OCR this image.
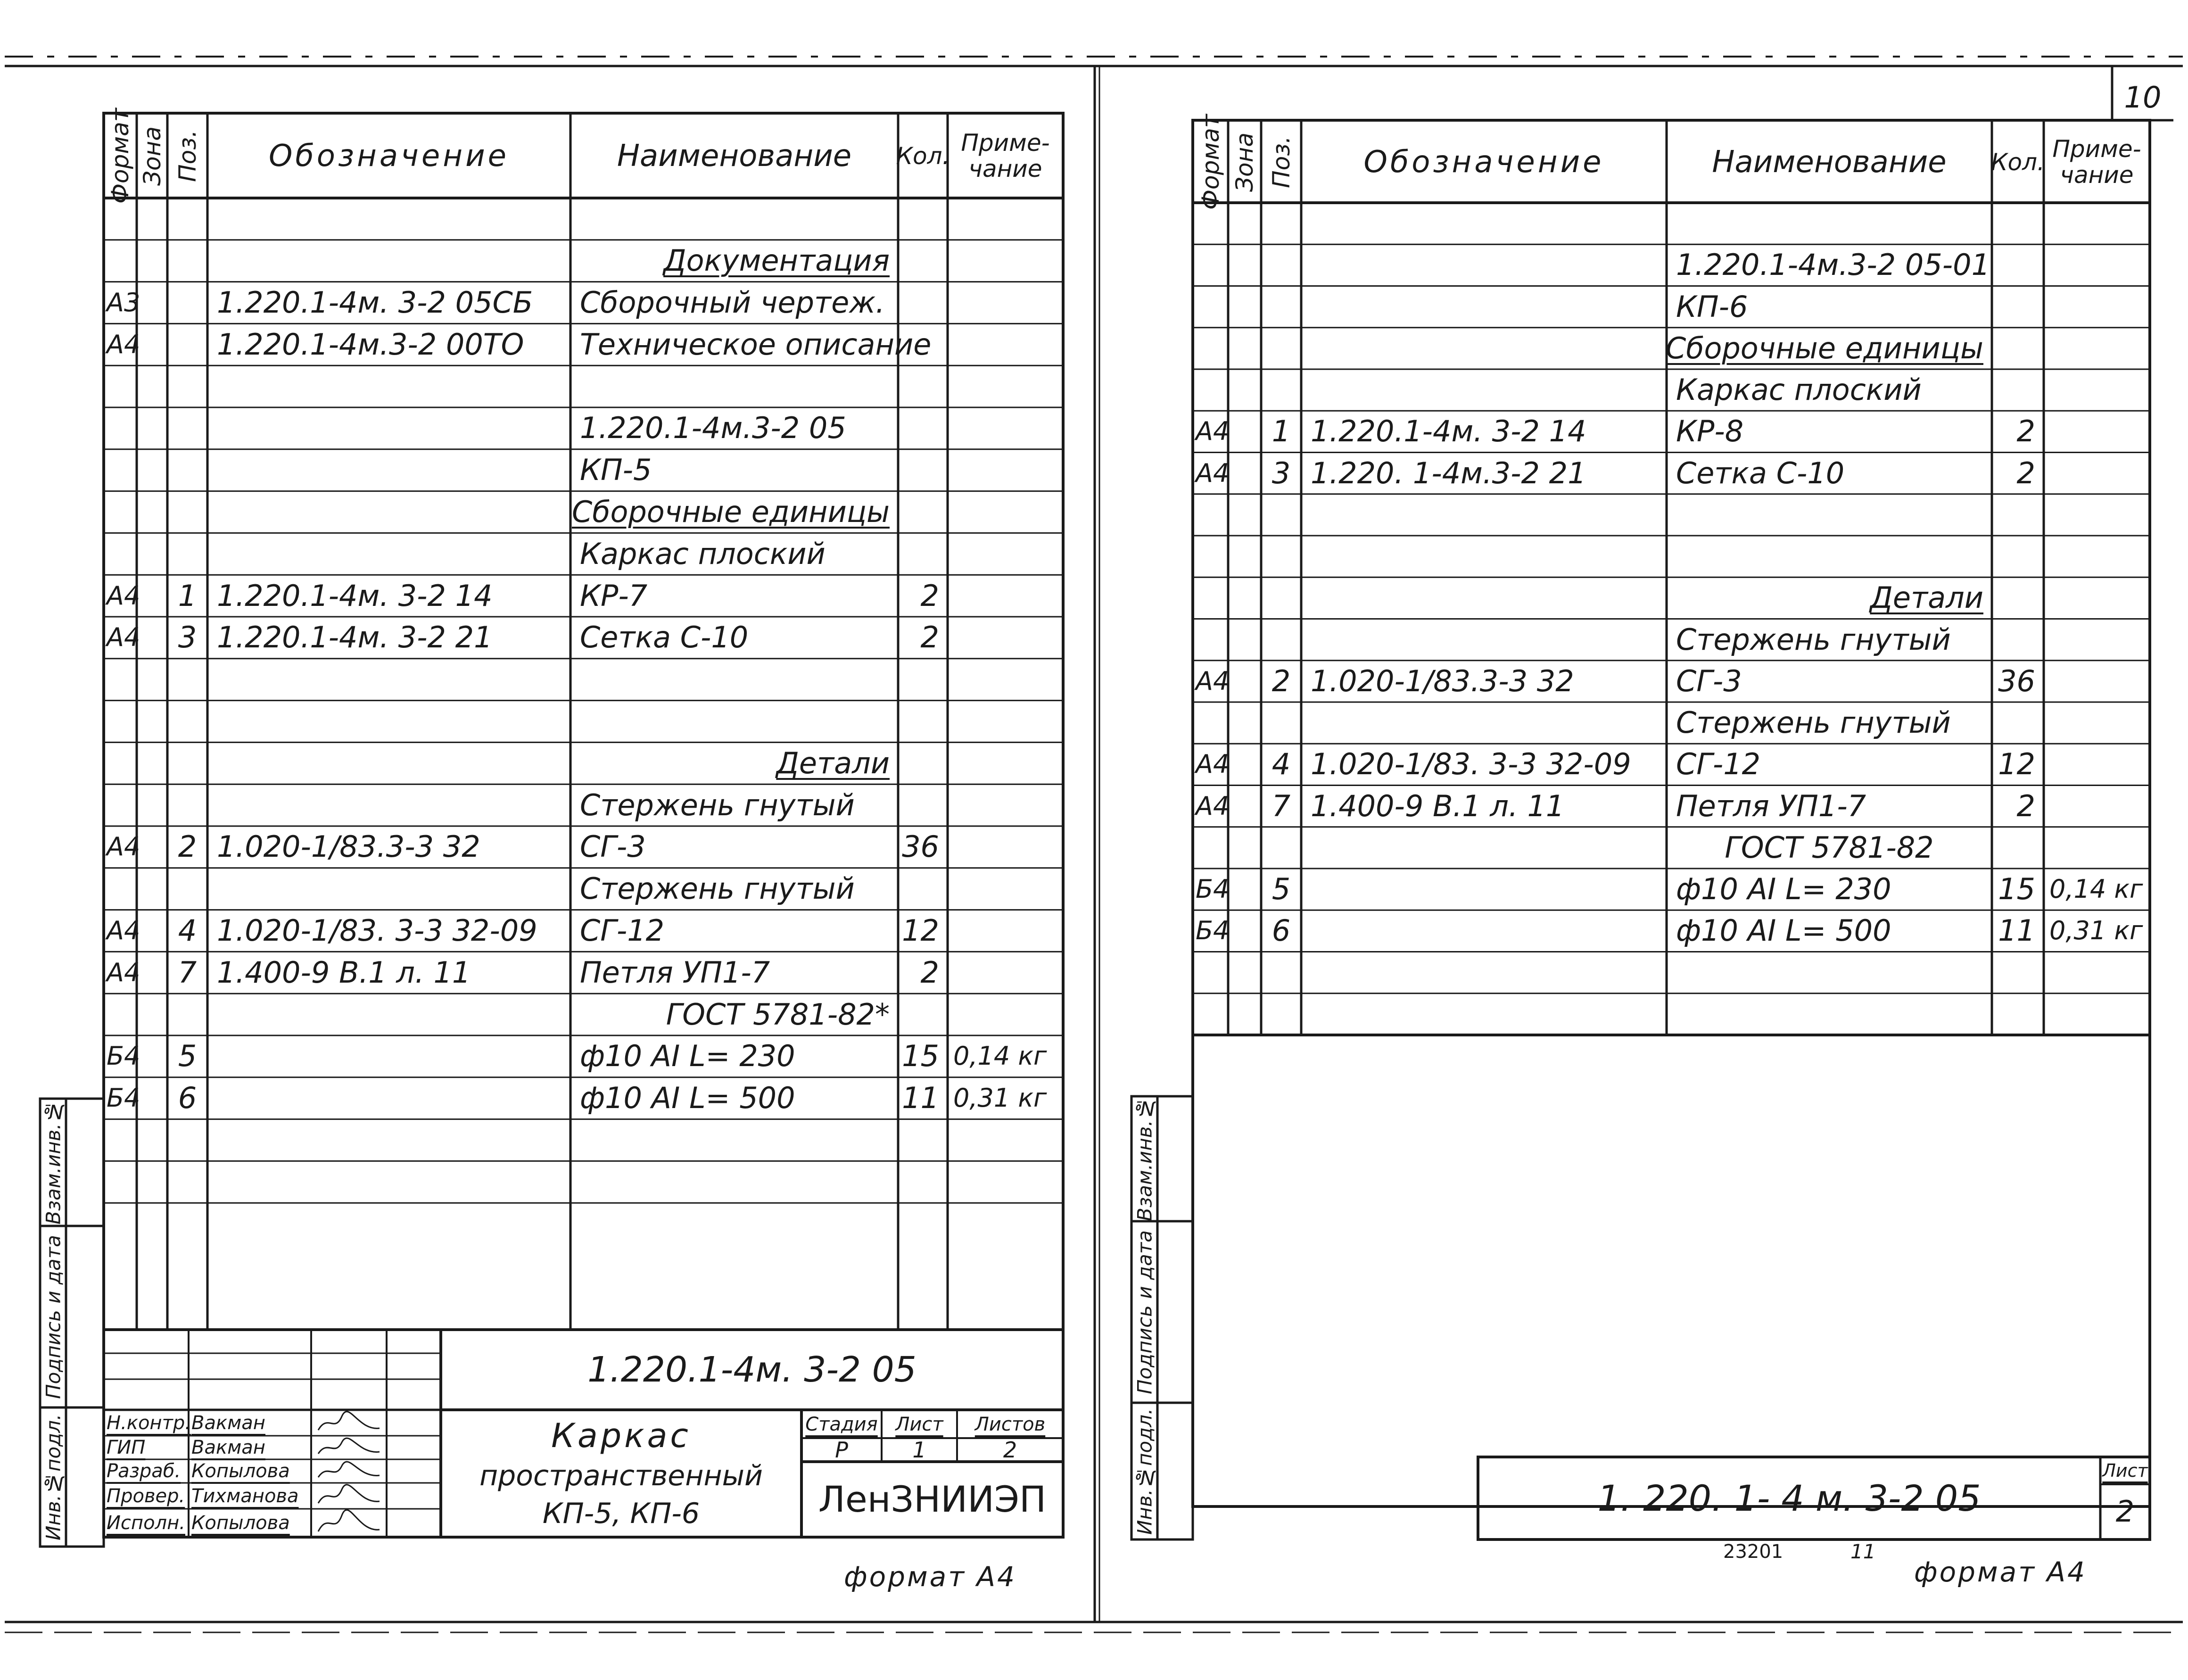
Формат Зона Поз.	Обозначение	Наименование	Кол. Приме-чание
Документация
А3	1.220.1-4м. 3-2 05СБ	Сборочный чертеж.
А4	1.220.1-4м.3-2 00ТО	Техническое описание
1.220.1-4м.3-2 05
КП-5
Сборочные единицы
Каркас плоский
А4	1 1.220.1-4м. 3-2 14	КР-7	2
А4	3 1.220.1-4м. 3-2 21	Сетка С-10	2
Детали
Стержень гнутый
А4	2 1.020-1/83.3-3 32	СГ-3	36
Стержень гнутый
А4	4 1.020-1/83. 3-3 32-09	СГ-12	12
А4	7 1.400-9 В.1 л. 11	Петля УП1-7	2
ГОСТ 5781-82*
Б4	5	ф10 АI L= 230	15 0,14 кг
Б4	6	ф10 АI L= 500	11 0,31 кг
Взам.инв.№
Подпись и дата
Инв.№подл.
1.220.1-4м. 3-2 05
Н.контр. Вакман
ГИП	Вакман
Разраб. Копылова
Провер. Тихманова
Исполн. Копылова
Каркас
пространственный
КП-5, КП-6
Стадия Лист	Листов
Р	1	2
ЛенЗНИИЭП
формат А4
10
Формат Зона Поз.	Обозначение	Наименование	Кол. Приме-чание
1.220.1-4м.3-2 05-01
КП-6
Сборочные единицы
Каркас плоский
А4	1 1.220.1-4м. 3-2 14	КР-8	2
А4	3 1.220. 1-4м.3-2 21	Сетка С-10	2
Детали
Стержень гнутый
А4	2 1.020-1/83.3-3 32	СГ-3	36
Стержень гнутый
А4	4 1.020-1/83. 3-3 32-09	СГ-12	12
А4	7 1.400-9 В.1 л. 11	Петля УП1-7	2
ГОСТ 5781-82
Б4	5	ф10 АI L= 230	15 0,14 кг
Б4	6	ф10 АI L= 500	11 0,31 кг
Взам.инв.№
Подпись и дата
Инв.№подл.	1. 220. 1- 4 м. 3-2 05
Лист
2
23201	11
формат А4
